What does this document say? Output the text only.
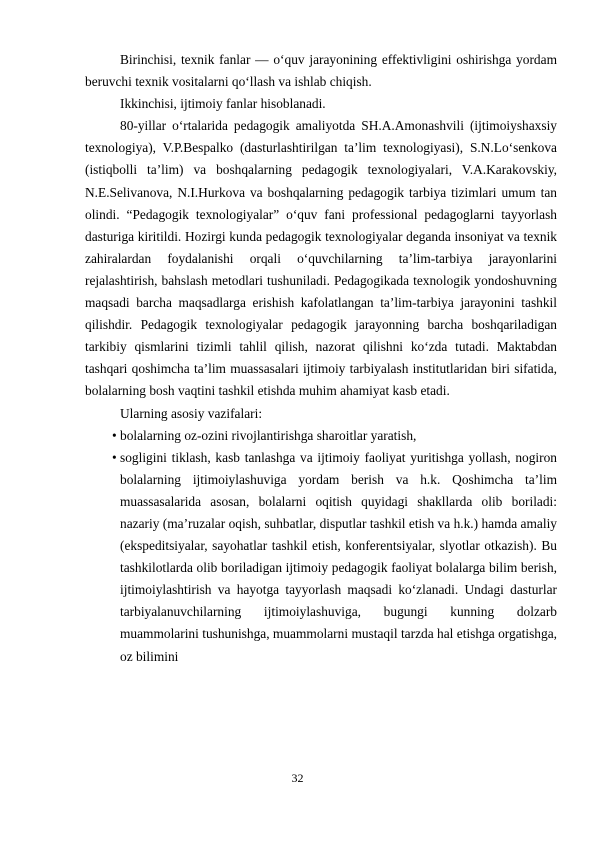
Birinchisi, texnik fanlar — o‘quv jarayonining effektivligini oshirishga yordam beruvchi texnik vositalarni qo‘llash va ishlab chiqish.

Ikkinchisi, ijtimoiy fanlar hisoblanadi.

80-yillar o‘rtalarida pedagogik amaliyotda SH.A.Amonashvili (ijtimoiyshaxsiy texnologiya), V.P.Bespalko (dasturlashtirilgan ta’lim texnologiyasi), S.N.Lo‘senkova (istiqbolli ta’lim) va boshqalarning pedagogik texnologiyalari, V.A.Karakovskiy, N.E.Selivanova, N.I.Hurkova va boshqalarning pedagogik tarbiya tizimlari umum tan olindi. “Pedagogik texnologiyalar” o‘quv fani professional pedagoglarni tayyorlash dasturiga kiritildi. Hozirgi kunda pedagogik texnologiyalar deganda insoniyat va texnik zahiralardan foydalanishi orqali o‘quvchilarning ta’lim-tarbiya jarayonlarini rejalashtirish, bahslash metodlari tushuniladi. Pedagogikada texnologik yondoshuvning maqsadi barcha maqsadlarga erishish kafolatlangan ta’lim-tarbiya jarayonini tashkil qilishdir. Pedagogik texnologiyalar pedagogik jarayonning barcha boshqariladigan tarkibiy qismlarini tizimli tahlil qilish, nazorat qilishni ko‘zda tutadi. Maktabdan tashqari qoshimcha ta’lim muassasalari ijtimoiy tarbiyalash institutlaridan biri sifatida, bolalarning bosh vaqtini tashkil etishda muhim ahamiyat kasb etadi.

Ularning asosiy vazifalari:

• bolalarning oz-ozini rivojlantirishga sharoitlar yaratish,

• sogligini tiklash, kasb tanlashga va ijtimoiy faoliyat yuritishga yollash, nogiron bolalarning ijtimoiylashuviga yordam berish va h.k. Qoshimcha ta’lim muassasalarida asosan, bolalarni oqitish quyidagi shakllarda olib boriladi: nazariy (ma’ruzalar oqish, suhbatlar, disputlar tashkil etish va h.k.) hamda amaliy (ekspeditsiyalar, sayohatlar tashkil etish, konferentsiyalar, slyotlar otkazish). Bu tashkilotlarda olib boriladigan ijtimoiy pedagogik faoliyat bolalarga bilim berish, ijtimoiylashtirish va hayotga tayyorlash maqsadi ko‘zlanadi. Undagi dasturlar tarbiyalanuvchilarning ijtimoiylashuviga, bugungi kunning dolzarb muammolarini tushunishga, muammolarni mustaqil tarzda hal etishga orgatishga, oz bilimini

32
